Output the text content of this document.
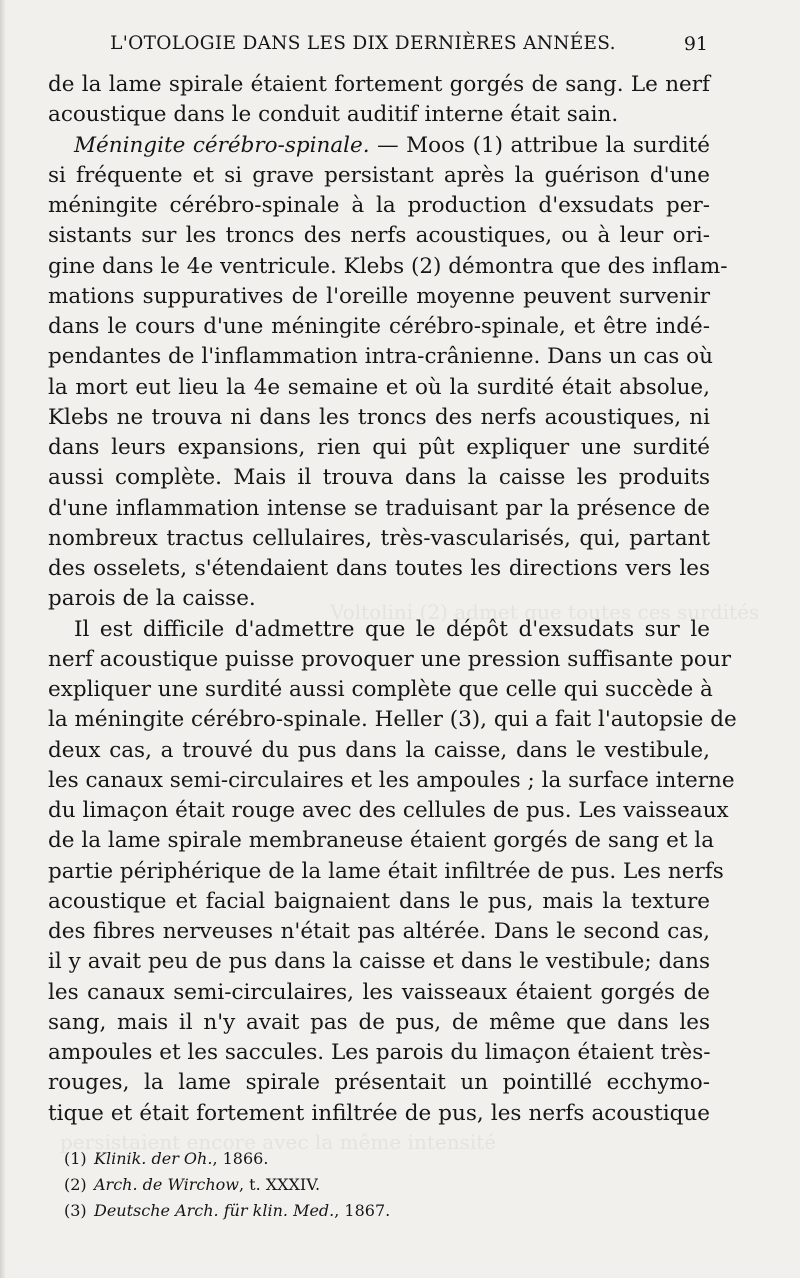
Voltolini (2) admet que toutes ces surdités
persistaient encore avec la même intensité
L'OTOLOGIE DANS LES DIX DERNIÈRES ANNÉES.	91
de la lame spirale étaient fortement gorgés de sang. Le nerf
acoustique dans le conduit auditif interne était sain.
Méningite cérébro-spinale. — Moos (1) attribue la surdité
si fréquente et si grave persistant après la guérison d'une
méningite cérébro-spinale à la production d'exsudats per-
sistants sur les troncs des nerfs acoustiques, ou à leur ori-
gine dans le 4e ventricule. Klebs (2) démontra que des inflam-
mations suppuratives de l'oreille moyenne peuvent survenir
dans le cours d'une méningite cérébro-spinale, et être indé-
pendantes de l'inflammation intra-crânienne. Dans un cas où
la mort eut lieu la 4e semaine et où la surdité était absolue,
Klebs ne trouva ni dans les troncs des nerfs acoustiques, ni
dans leurs expansions, rien qui pût expliquer une surdité
aussi complète. Mais il trouva dans la caisse les produits
d'une inflammation intense se traduisant par la présence de
nombreux tractus cellulaires, très-vascularisés, qui, partant
des osselets, s'étendaient dans toutes les directions vers les
parois de la caisse.
Il est difficile d'admettre que le dépôt d'exsudats sur le
nerf acoustique puisse provoquer une pression suffisante pour
expliquer une surdité aussi complète que celle qui succède à
la méningite cérébro-spinale. Heller (3), qui a fait l'autopsie de
deux cas, a trouvé du pus dans la caisse, dans le vestibule,
les canaux semi-circulaires et les ampoules ; la surface interne
du limaçon était rouge avec des cellules de pus. Les vaisseaux
de la lame spirale membraneuse étaient gorgés de sang et la
partie périphérique de la lame était infiltrée de pus. Les nerfs
acoustique et facial baignaient dans le pus, mais la texture
des fibres nerveuses n'était pas altérée. Dans le second cas,
il y avait peu de pus dans la caisse et dans le vestibule; dans
les canaux semi-circulaires, les vaisseaux étaient gorgés de
sang, mais il n'y avait pas de pus, de même que dans les
ampoules et les saccules. Les parois du limaçon étaient très-
rouges, la lame spirale présentait un pointillé ecchymo-
tique et était fortement infiltrée de pus, les nerfs acoustique
(1) Klinik. der Oh., 1866.
(2) Arch. de Wirchow, t. XXXIV.
(3) Deutsche Arch. für klin. Med., 1867.
